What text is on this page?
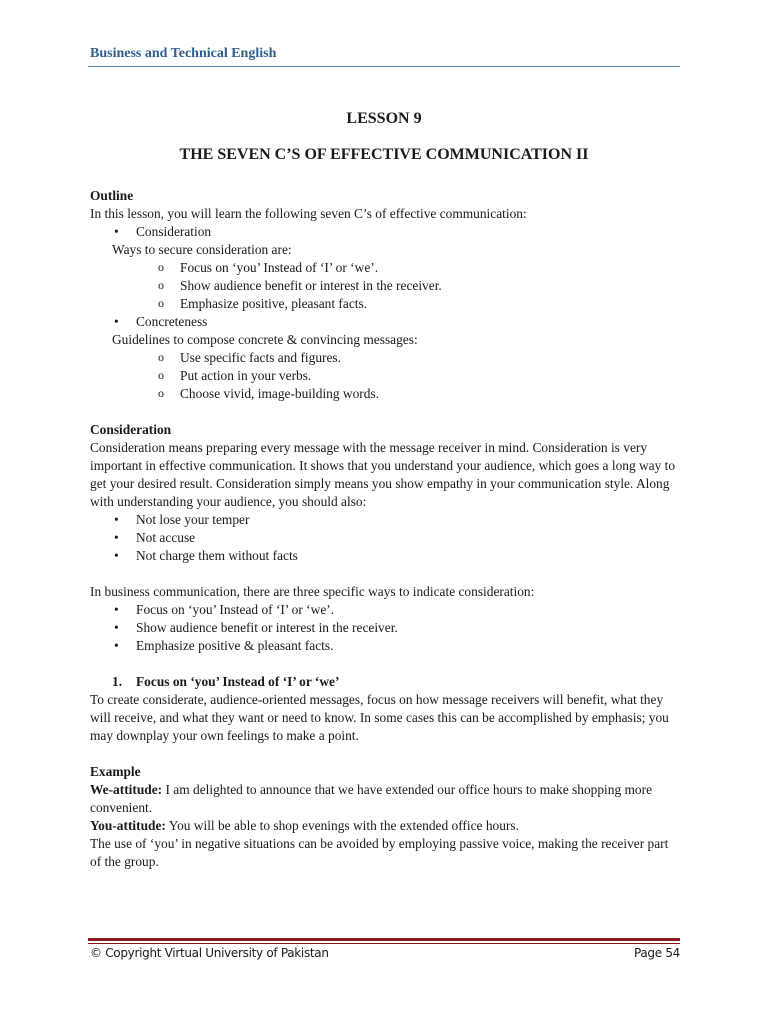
Business and Technical English
LESSON 9
THE SEVEN C’S OF EFFECTIVE COMMUNICATION II

Outline

In this lesson, you will learn the following seven C’s of effective communication:

• Consideration

Ways to secure consideration are:

o Focus on ‘you’ Instead of ‘I’ or ‘we’.
o Show audience benefit or interest in the receiver.
o Emphasize positive, pleasant facts.
• Concreteness

Guidelines to compose concrete & convincing messages:

o Use specific facts and figures.
o Put action in your verbs.
o Choose vivid, image-building words.

Consideration

Consideration means preparing every message with the message receiver in mind. Consideration is very important in effective communication. It shows that you understand your audience, which goes a long way to get your desired result. Consideration simply means you show empathy in your communication style. Along with understanding your audience, you should also:

• Not lose your temper
• Not accuse
• Not charge them without facts

In business communication, there are three specific ways to indicate consideration:

• Focus on ‘you’ Instead of ‘I’ or ‘we’.
• Show audience benefit or interest in the receiver.
• Emphasize positive & pleasant facts.

1. Focus on ‘you’ Instead of ‘I’ or ‘we’

To create considerate, audience-oriented messages, focus on how message receivers will benefit, what they will receive, and what they want or need to know. In some cases this can be accomplished by emphasis; you may downplay your own feelings to make a point.

Example

We-attitude: I am delighted to announce that we have extended our office hours to make shopping more convenient.

You-attitude: You will be able to shop evenings with the extended office hours.

The use of ‘you’ in negative situations can be avoided by employing passive voice, making the receiver part of the group.

© Copyright Virtual University of Pakistan	Page 54
